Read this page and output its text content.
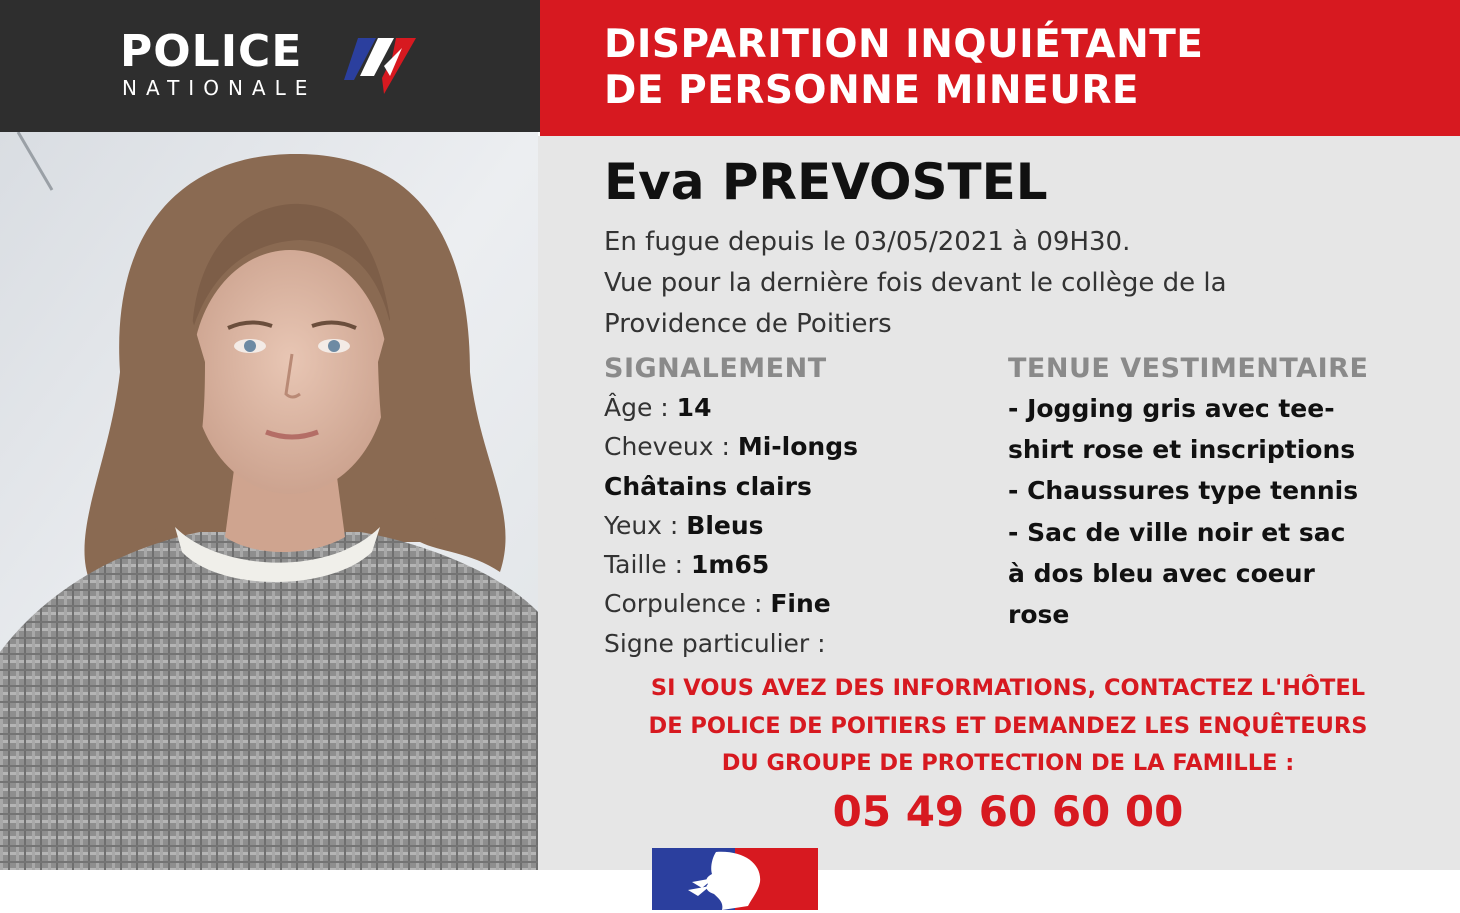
POLICE
NATIONALE
DISPARITION INQUIÉTANTE
DE PERSONNE MINEURE
Eva PREVOSTEL
En fugue depuis le 03/05/2021 à 09H30.
Vue pour la dernière fois devant le collège de la
Providence de Poitiers
SIGNALEMENT
Âge : 14
Cheveux : Mi-longs
Châtains clairs
Yeux : Bleus
Taille : 1m65
Corpulence : Fine
Signe particulier :
TENUE VESTIMENTAIRE
- Jogging gris avec tee-
shirt rose et inscriptions
- Chaussures type tennis
- Sac de ville noir et sac
à dos bleu avec coeur
rose
SI VOUS AVEZ DES INFORMATIONS, CONTACTEZ L'HÔTEL
DE POLICE DE POITIERS ET DEMANDEZ LES ENQUÊTEURS
DU GROUPE DE PROTECTION DE LA FAMILLE :
05 49 60 60 00
